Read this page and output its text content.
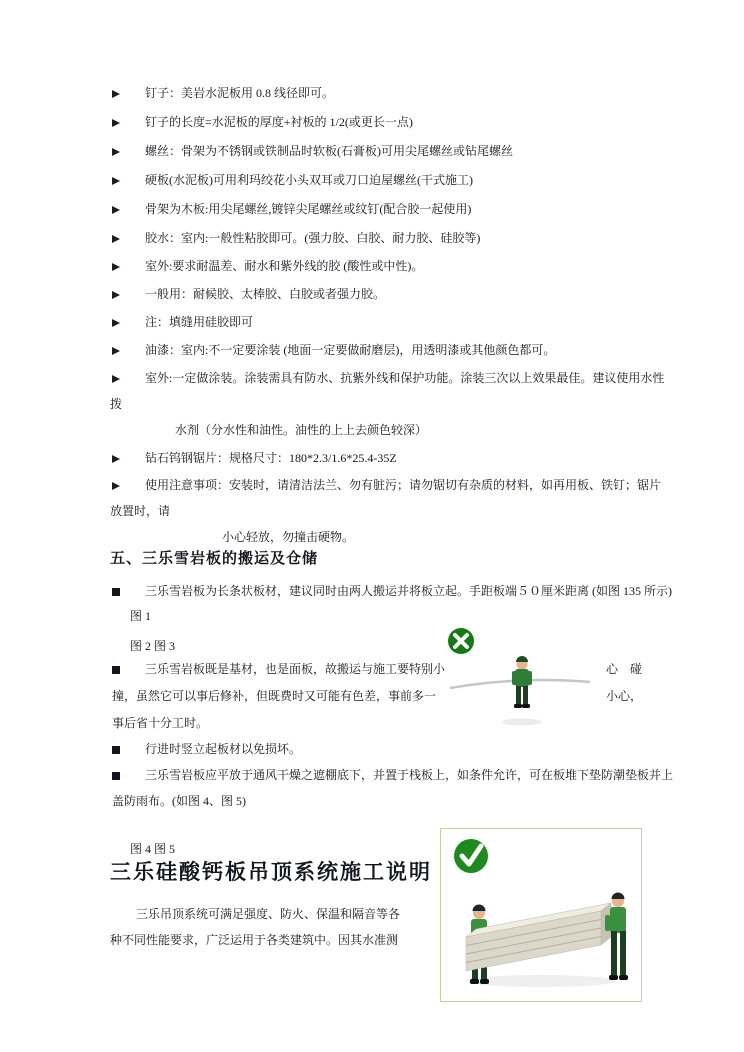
钉子：美岩水泥板用 0.8 线径即可。
钉子的长度=水泥板的厚度+衬板的 1/2(或更长一点)
螺丝：骨架为不锈钢或铁制品时软板(石膏板)可用尖尾螺丝或钻尾螺丝
硬板(水泥板)可用利玛绞花小头双耳或刀口迫屋螺丝(干式施工)
骨架为木板:用尖尾螺丝,镀锌尖尾螺丝或纹钉(配合胶一起使用)
胶水：室内:一般性粘胶即可。(强力胶、白胶、耐力胶、硅胶等)
室外:要求耐温差、耐水和紫外线的胶 (酸性或中性)。
一般用：耐候胶、太棒胶、白胶或者强力胶。
注：填缝用硅胶即可
油漆：室内:不一定要涂装 (地面一定要做耐磨层)，用透明漆或其他颜色都可。
室外:一定做涂装。涂装需具有防水、抗紫外线和保护功能。涂装三次以上效果最佳。建议使用水性
拨
水剂（分水性和油性。油性的上上去颜色较深）
钻石钨钢锯片：规格尺寸：180*2.3/1.6*25.4-35Z
使用注意事项：安装时，请清洁法兰、勿有脏污；请勿锯切有杂质的材料，如再用板、铁钉；锯片
放置时，请
小心轻放，勿撞击硬物。
五、三乐雪岩板的搬运及仓储
三乐雪岩板为长条状板材，建议同时由两人搬运并将板立起。手距板端５０厘米距离 (如图 135 所示)
图 1
图 2 图 3
三乐雪岩板既是基材，也是面板，故搬运与施工要特别小	心　碰
撞，虽然它可以事后修补，但既费时又可能有色差，事前多一	小心，
事后省十分工时。
行进时竖立起板材以免损坏。
三乐雪岩板应平放于通风干燥之遮棚底下，并置于栈板上，如条件允许，可在板堆下垫防潮垫板并上
盖防雨布。(如图 4、图 5)
图 4 图 5
三乐硅酸钙板吊顶系统施工说明
三乐吊顶系统可满足强度、防火、保温和隔音等各
种不同性能要求，广泛运用于各类建筑中。因其水准测
